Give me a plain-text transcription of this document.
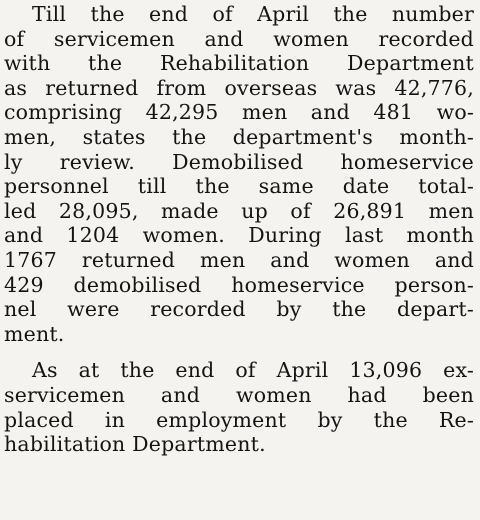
Till the end of April the number
of servicemen and women recorded
with the Rehabilitation Department
as returned from overseas was 42,776,
comprising 42,295 men and 481 wo-
men, states the department's month-
ly review. Demobilised homeservice
personnel till the same date total-
led 28,095, made up of 26,891 men
and 1204 women. During last month
1767 returned men and women and
429 demobilised homeservice person-
nel were recorded by the depart-
ment.
As at the end of April 13,096 ex-
servicemen and women had been
placed in employment by the Re-
habilitation Department.
